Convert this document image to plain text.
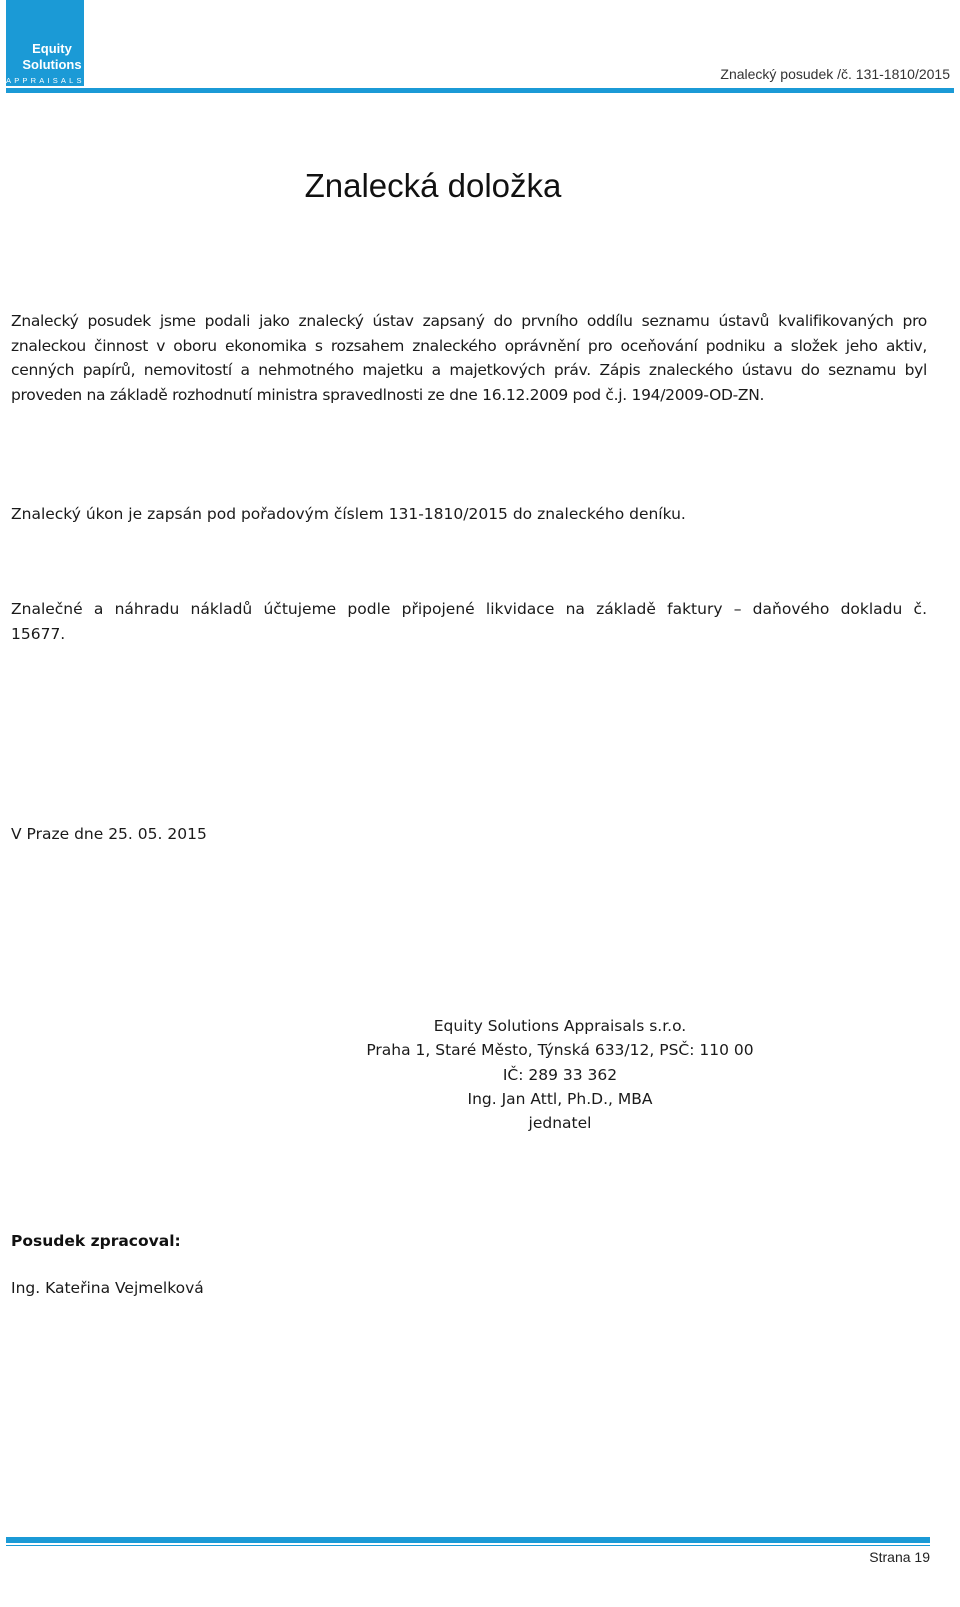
Equity
Solutions
APPRAISALS	Znalecký posudek /č. 131-1810/2015
Znalecká doložka
Znalecký posudek jsme podali jako znalecký ústav zapsaný do prvního oddílu seznamu ústavů kvalifikovaných pro znaleckou činnost v oboru ekonomika s rozsahem znaleckého oprávnění pro oceňování podniku a složek jeho aktiv, cenných papírů, nemovitostí a nehmotného majetku a majetkových práv. Zápis znaleckého ústavu do seznamu byl proveden na základě rozhodnutí ministra spravedlnosti ze dne 16.12.2009 pod č.j. 194/2009-OD-ZN.
Znalecký úkon je zapsán pod pořadovým číslem 131-1810/2015 do znaleckého deníku.
Znalečné a náhradu nákladů účtujeme podle připojené likvidace na základě faktury – daňového dokladu č. 15677.
V Praze dne 25. 05. 2015
Equity Solutions Appraisals s.r.o.
Praha 1, Staré Město, Týnská 633/12, PSČ: 110 00
IČ: 289 33 362
Ing. Jan Attl, Ph.D., MBA
jednatel
Posudek zpracoval:
Ing. Kateřina Vejmelková
Strana 19
